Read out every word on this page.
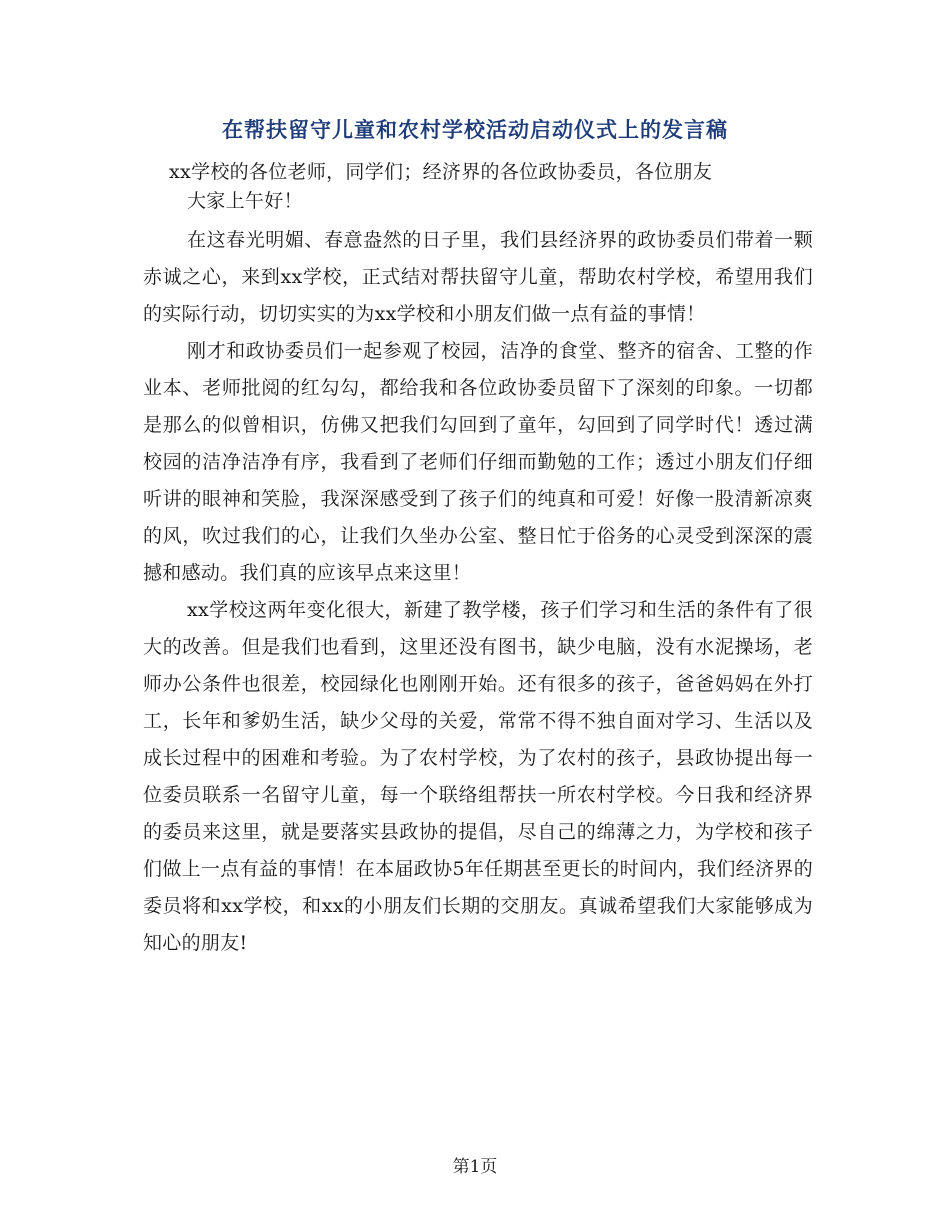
在帮扶留守儿童和农村学校活动启动仪式上的发言稿

xx学校的各位老师，同学们；经济界的各位政协委员，各位朋友

大家上午好！

在这春光明媚、春意盎然的日子里，我们县经济界的政协委员们带着一颗赤诚之心，来到xx学校，正式结对帮扶留守儿童，帮助农村学校，希望用我们的实际行动，切切实实的为xx学校和小朋友们做一点有益的事情！

刚才和政协委员们一起参观了校园，洁净的食堂、整齐的宿舍、工整的作业本、老师批阅的红勾勾，都给我和各位政协委员留下了深刻的印象。一切都是那么的似曾相识，仿佛又把我们勾回到了童年，勾回到了同学时代！透过满校园的洁净洁净有序，我看到了老师们仔细而勤勉的工作；透过小朋友们仔细听讲的眼神和笑脸，我深深感受到了孩子们的纯真和可爱！好像一股清新凉爽的风，吹过我们的心，让我们久坐办公室、整日忙于俗务的心灵受到深深的震撼和感动。我们真的应该早点来这里！

xx学校这两年变化很大，新建了教学楼，孩子们学习和生活的条件有了很大的改善。但是我们也看到，这里还没有图书，缺少电脑，没有水泥操场，老师办公条件也很差，校园绿化也刚刚开始。还有很多的孩子，爸爸妈妈在外打工，长年和爹奶生活，缺少父母的关爱，常常不得不独自面对学习、生活以及成长过程中的困难和考验。为了农村学校，为了农村的孩子，县政协提出每一位委员联系一名留守儿童，每一个联络组帮扶一所农村学校。今日我和经济界的委员来这里，就是要落实县政协的提倡，尽自己的绵薄之力，为学校和孩子们做上一点有益的事情！在本届政协5年任期甚至更长的时间内，我们经济界的委员将和xx学校，和xx的小朋友们长期的交朋友。真诚希望我们大家能够成为知心的朋友!

第1页
